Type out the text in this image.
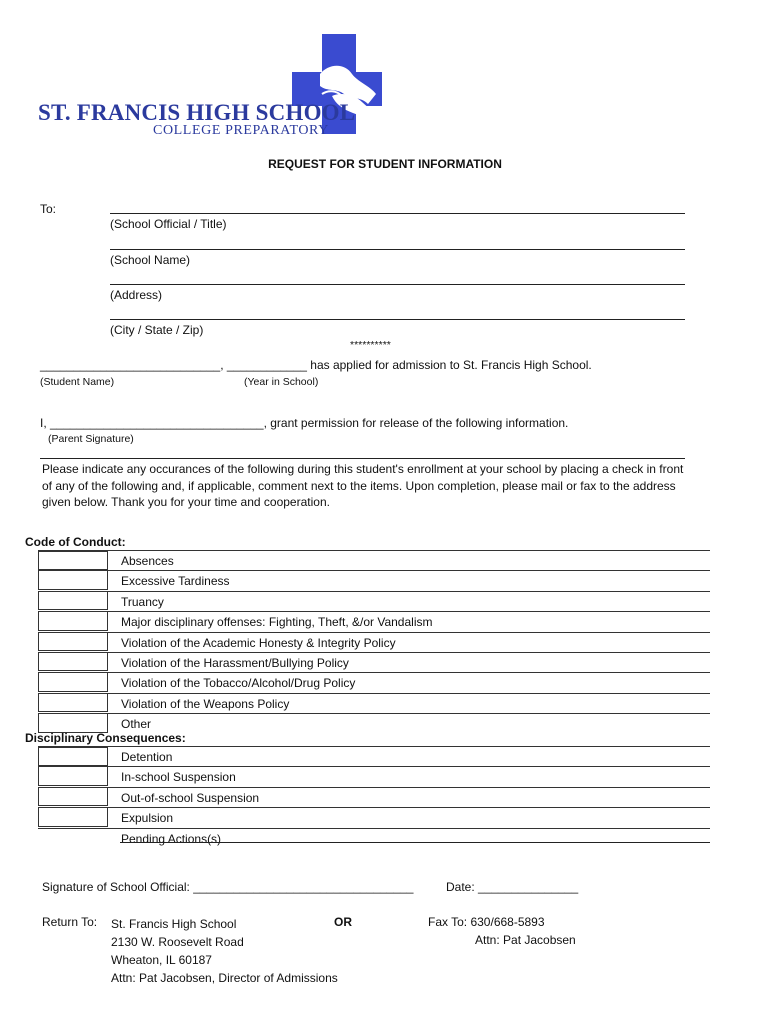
ST. FRANCIS HIGH SCHOOL
COLLEGE PREPARATORY
REQUEST FOR STUDENT INFORMATION
To:
(School Official / Title)
(School Name)
(Address)
(City / State / Zip)
**********
___________________________, ____________ has applied for admission to St. Francis High School.
(Student Name)	(Year in School)
I, ________________________________, grant permission for release of the following information.
(Parent Signature)
Please indicate any occurances of the following during this student's enrollment at your school by placing a check in front of any of the following and, if applicable, comment next to the items. Upon completion, please mail or fax to the address given below. Thank you for your time and cooperation.
Code of Conduct:
Absences
Excessive Tardiness
Truancy
Major disciplinary offenses: Fighting, Theft, &/or Vandalism
Violation of the Academic Honesty & Integrity Policy
Violation of the Harassment/Bullying Policy
Violation of the Tobacco/Alcohol/Drug Policy
Violation of the Weapons Policy
Other
Disciplinary Consequences:
Detention
In-school Suspension
Out-of-school Suspension
Expulsion
Pending Actions(s)
Signature of School Official: _________________________________	Date: _______________
Return To: St. Francis High School
2130 W. Roosevelt Road
Wheaton, IL 60187
Attn: Pat Jacobsen, Director of Admissions
OR	Fax To: 630/668-5893
Attn: Pat Jacobsen
